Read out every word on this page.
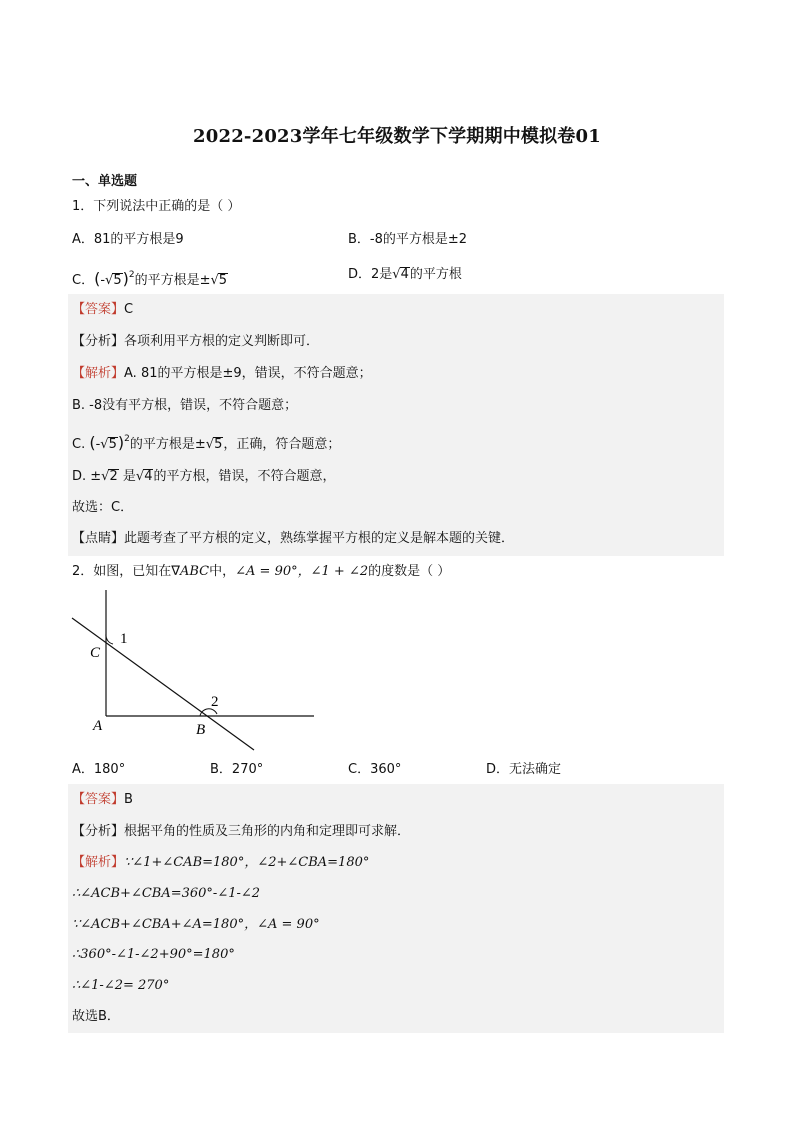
2022-2023学年七年级数学下学期期中模拟卷01
一、单选题
1．下列说法中正确的是（ ）
A．81的平方根是9	B．-8的平方根是±2
C．$(-√5)^2$的平方根是±√5	D．2是√4的平方根
【答案】C
【分析】各项利用平方根的定义判断即可．
【解析】A. 81的平方根是±9，错误，不符合题意；
B. -8没有平方根，错误，不符合题意；
C. $(-√5)^2$的平方根是±√5，正确，符合题意；
D. ±√2 是√4的平方根，错误，不符合题意，
故选：C．
【点睛】此题考查了平方根的定义，熟练掌握平方根的定义是解本题的关键．
2．如图，已知在∇ABC中，∠A = 90°，∠1 + ∠2的度数是（ ）
1
2
C
A	B
A．180°	B．270°	C．360°	D．无法确定
【答案】B
【分析】根据平角的性质及三角形的内角和定理即可求解．
【解析】∵∠1+∠CAB=180°，∠2+∠CBA=180°
∴∠ACB+∠CBA=360°-∠1-∠2
∵∠ACB+∠CBA+∠A=180°，∠A = 90°
∴360°-∠1-∠2+90°=180°
∴∠1-∠2= 270°
故选B．
